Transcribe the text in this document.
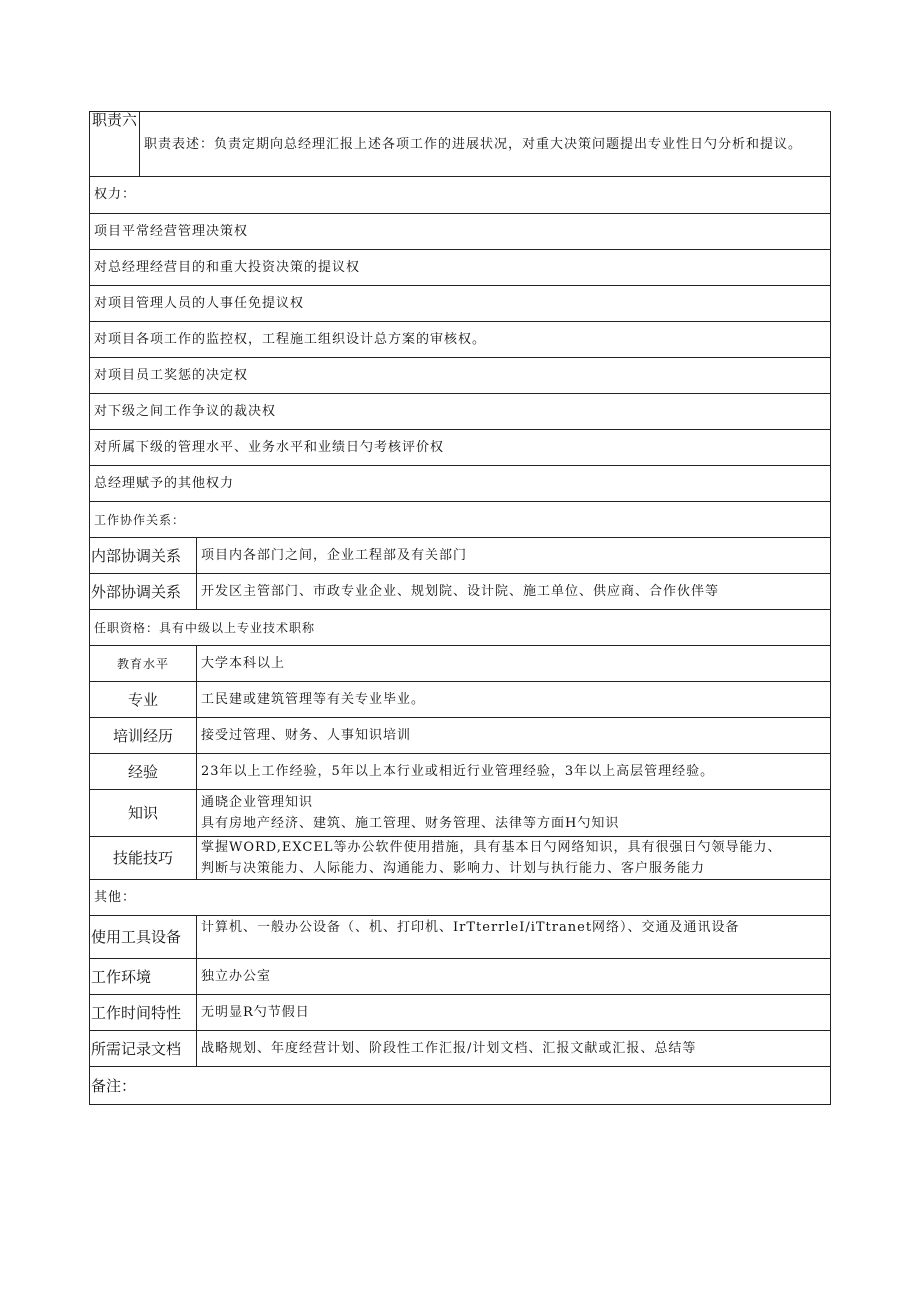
职责六	职责表述：负责定期向总经理汇报上述各项工作的进展状况，对重大决策问题提出专业性日勺分析和提议。	
权力：		
项目平常经营管理决策权		
对总经理经营目的和重大投资决策的提议权		
对项目管理人员的人事任免提议权		
对项目各项工作的监控权，工程施工组织设计总方案的审核权。		
对项目员工奖惩的决定权		
对下级之间工作争议的裁决权		
对所属下级的管理水平、业务水平和业绩日勺考核评价权		
总经理赋予的其他权力		
工作协作关系：		
内部协调关系		项目内各部门之间，企业工程部及有关部门
外部协调关系		开发区主管部门、市政专业企业、规划院、设计院、施工单位、供应商、合作伙伴等
任职资格：具有中级以上专业技术职称		
教育水平		大学本科以上
专业		工民建或建筑管理等有关专业毕业。
培训经历		接受过管理、财务、人事知识培训
经验		23年以上工作经验，5年以上本行业或相近行业管理经验，3年以上高层管理经验。
知识		通晓企业管理知识
具有房地产经济、建筑、施工管理、财务管理、法律等方面H勺知识

技能技巧		掌握WORD,EXCEL等办公软件使用措施，具有基本日勺网络知识，具有很强日勺领导能力、
判断与决策能力、人际能力、沟通能力、影响力、计划与执行能力、客户服务能力

其他：		
使用工具设备		计算机、一般办公设备（、机、打印机、IrTterrleI/iTtranet网络）、交通及通讯设备
工作环境		独立办公室
工作时间特性		无明显R勺节假日
所需记录文档		战略规划、年度经营计划、阶段性工作汇报/计划文档、汇报文献或汇报、总结等
备注：		
